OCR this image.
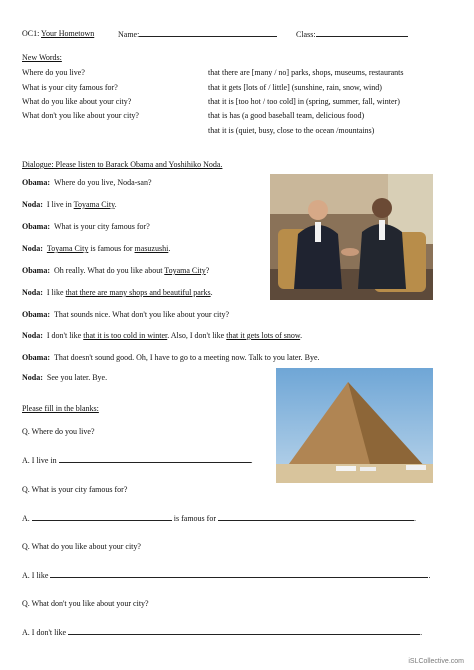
OC1: Your Hometown	Name:	Class:
New Words:
Where do you live?
What is your city famous for?
What do you like about your city?
What don't you like about your city?
that there are [many / no] parks, shops, museums, restaurants
that it gets [lots of / little] (sunshine, rain, snow, wind)
that it is [too hot / too cold] in (spring, summer, fall, winter)
that is has (a good baseball team, delicious food)
that it is (quiet, busy, close to the ocean /mountains)
Dialogue: Please listen to Barack Obama and Yoshihiko Noda.
Obama: Where do you live, Noda-san?
Noda: I live in Toyama City.
Obama: What is your city famous for?
Noda: Toyama City is famous for masuzushi.
Obama: Oh really. What do you like about Toyama City?
Noda: I like that there are many shops and beautiful parks.
Obama: That sounds nice. What don't you like about your city?
Noda: I don't like that it is too cold in winter. Also, I don't like that it gets lots of snow.
Obama: That doesn't sound good. Oh, I have to go to a meeting now. Talk to you later. Bye.
Noda: See you later. Bye.
Please fill in the blanks:
Q. Where do you live?
A. I live in	.
Q. What is your city famous for?
A.	is famous for	.
Q. What do you like about your city?
A. I like	.
Q. What don't you like about your city?
A. I don't like	.
iSLCollective.com
